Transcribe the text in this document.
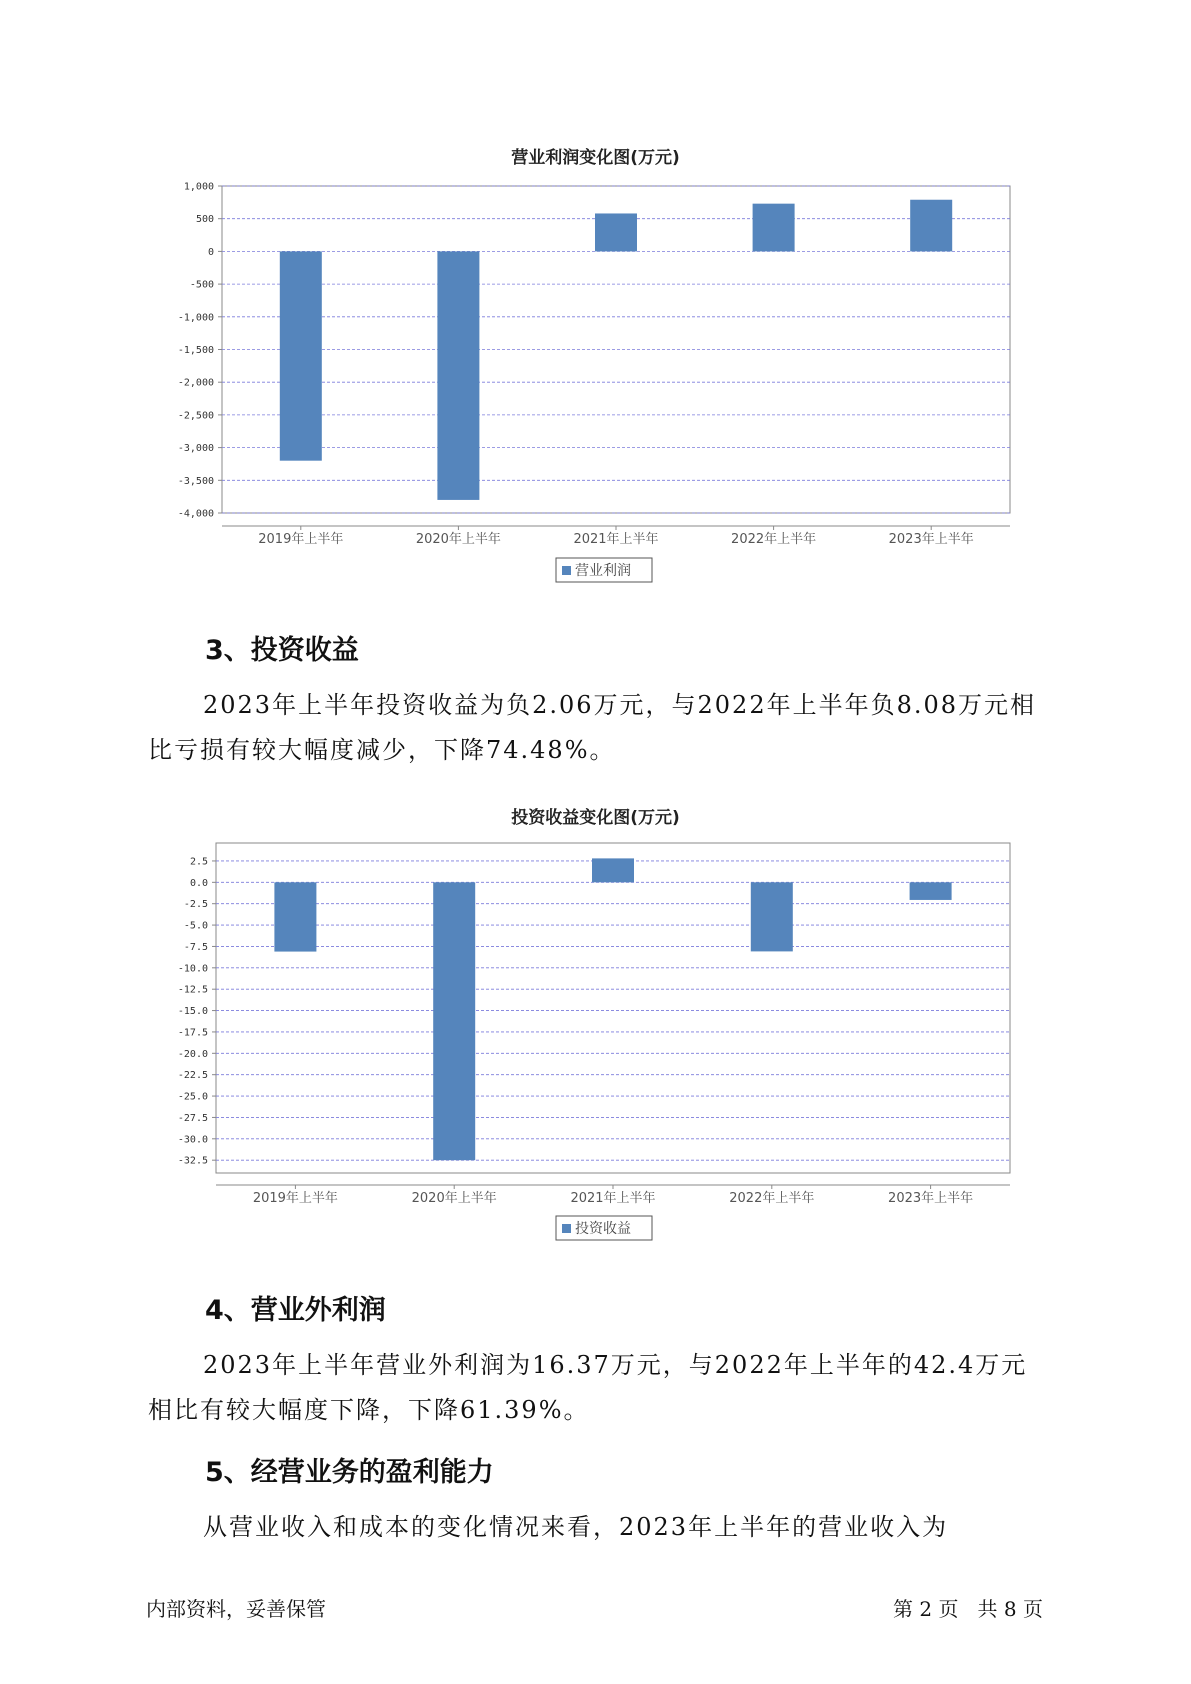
营业利润变化图(万元)
1,000
500
0
-500
-1,000
-1,500
-2,000
-2,500
-3,000
-3,500
-4,000
2019年上半年	2020年上半年	2021年上半年	2022年上半年	2023年上半年
营业利润
3、投资收益
2023年上半年投资收益为负2.06万元，与2022年上半年负8.08万元相比亏损有较大幅度减少，下降74.48%。
投资收益变化图(万元)
2.5
0.0
-2.5
-5.0
-7.5
-10.0
-12.5
-15.0
-17.5
-20.0
-22.5
-25.0
-27.5
-30.0
-32.5
2019年上半年	2020年上半年	2021年上半年	2022年上半年	2023年上半年
投资收益
4、营业外利润
2023年上半年营业外利润为16.37万元，与2022年上半年的42.4万元相比有较大幅度下降，下降61.39%。
5、经营业务的盈利能力
从营业收入和成本的变化情况来看，2023年上半年的营业收入为
内部资料，妥善保管	第 2 页   共 8 页
